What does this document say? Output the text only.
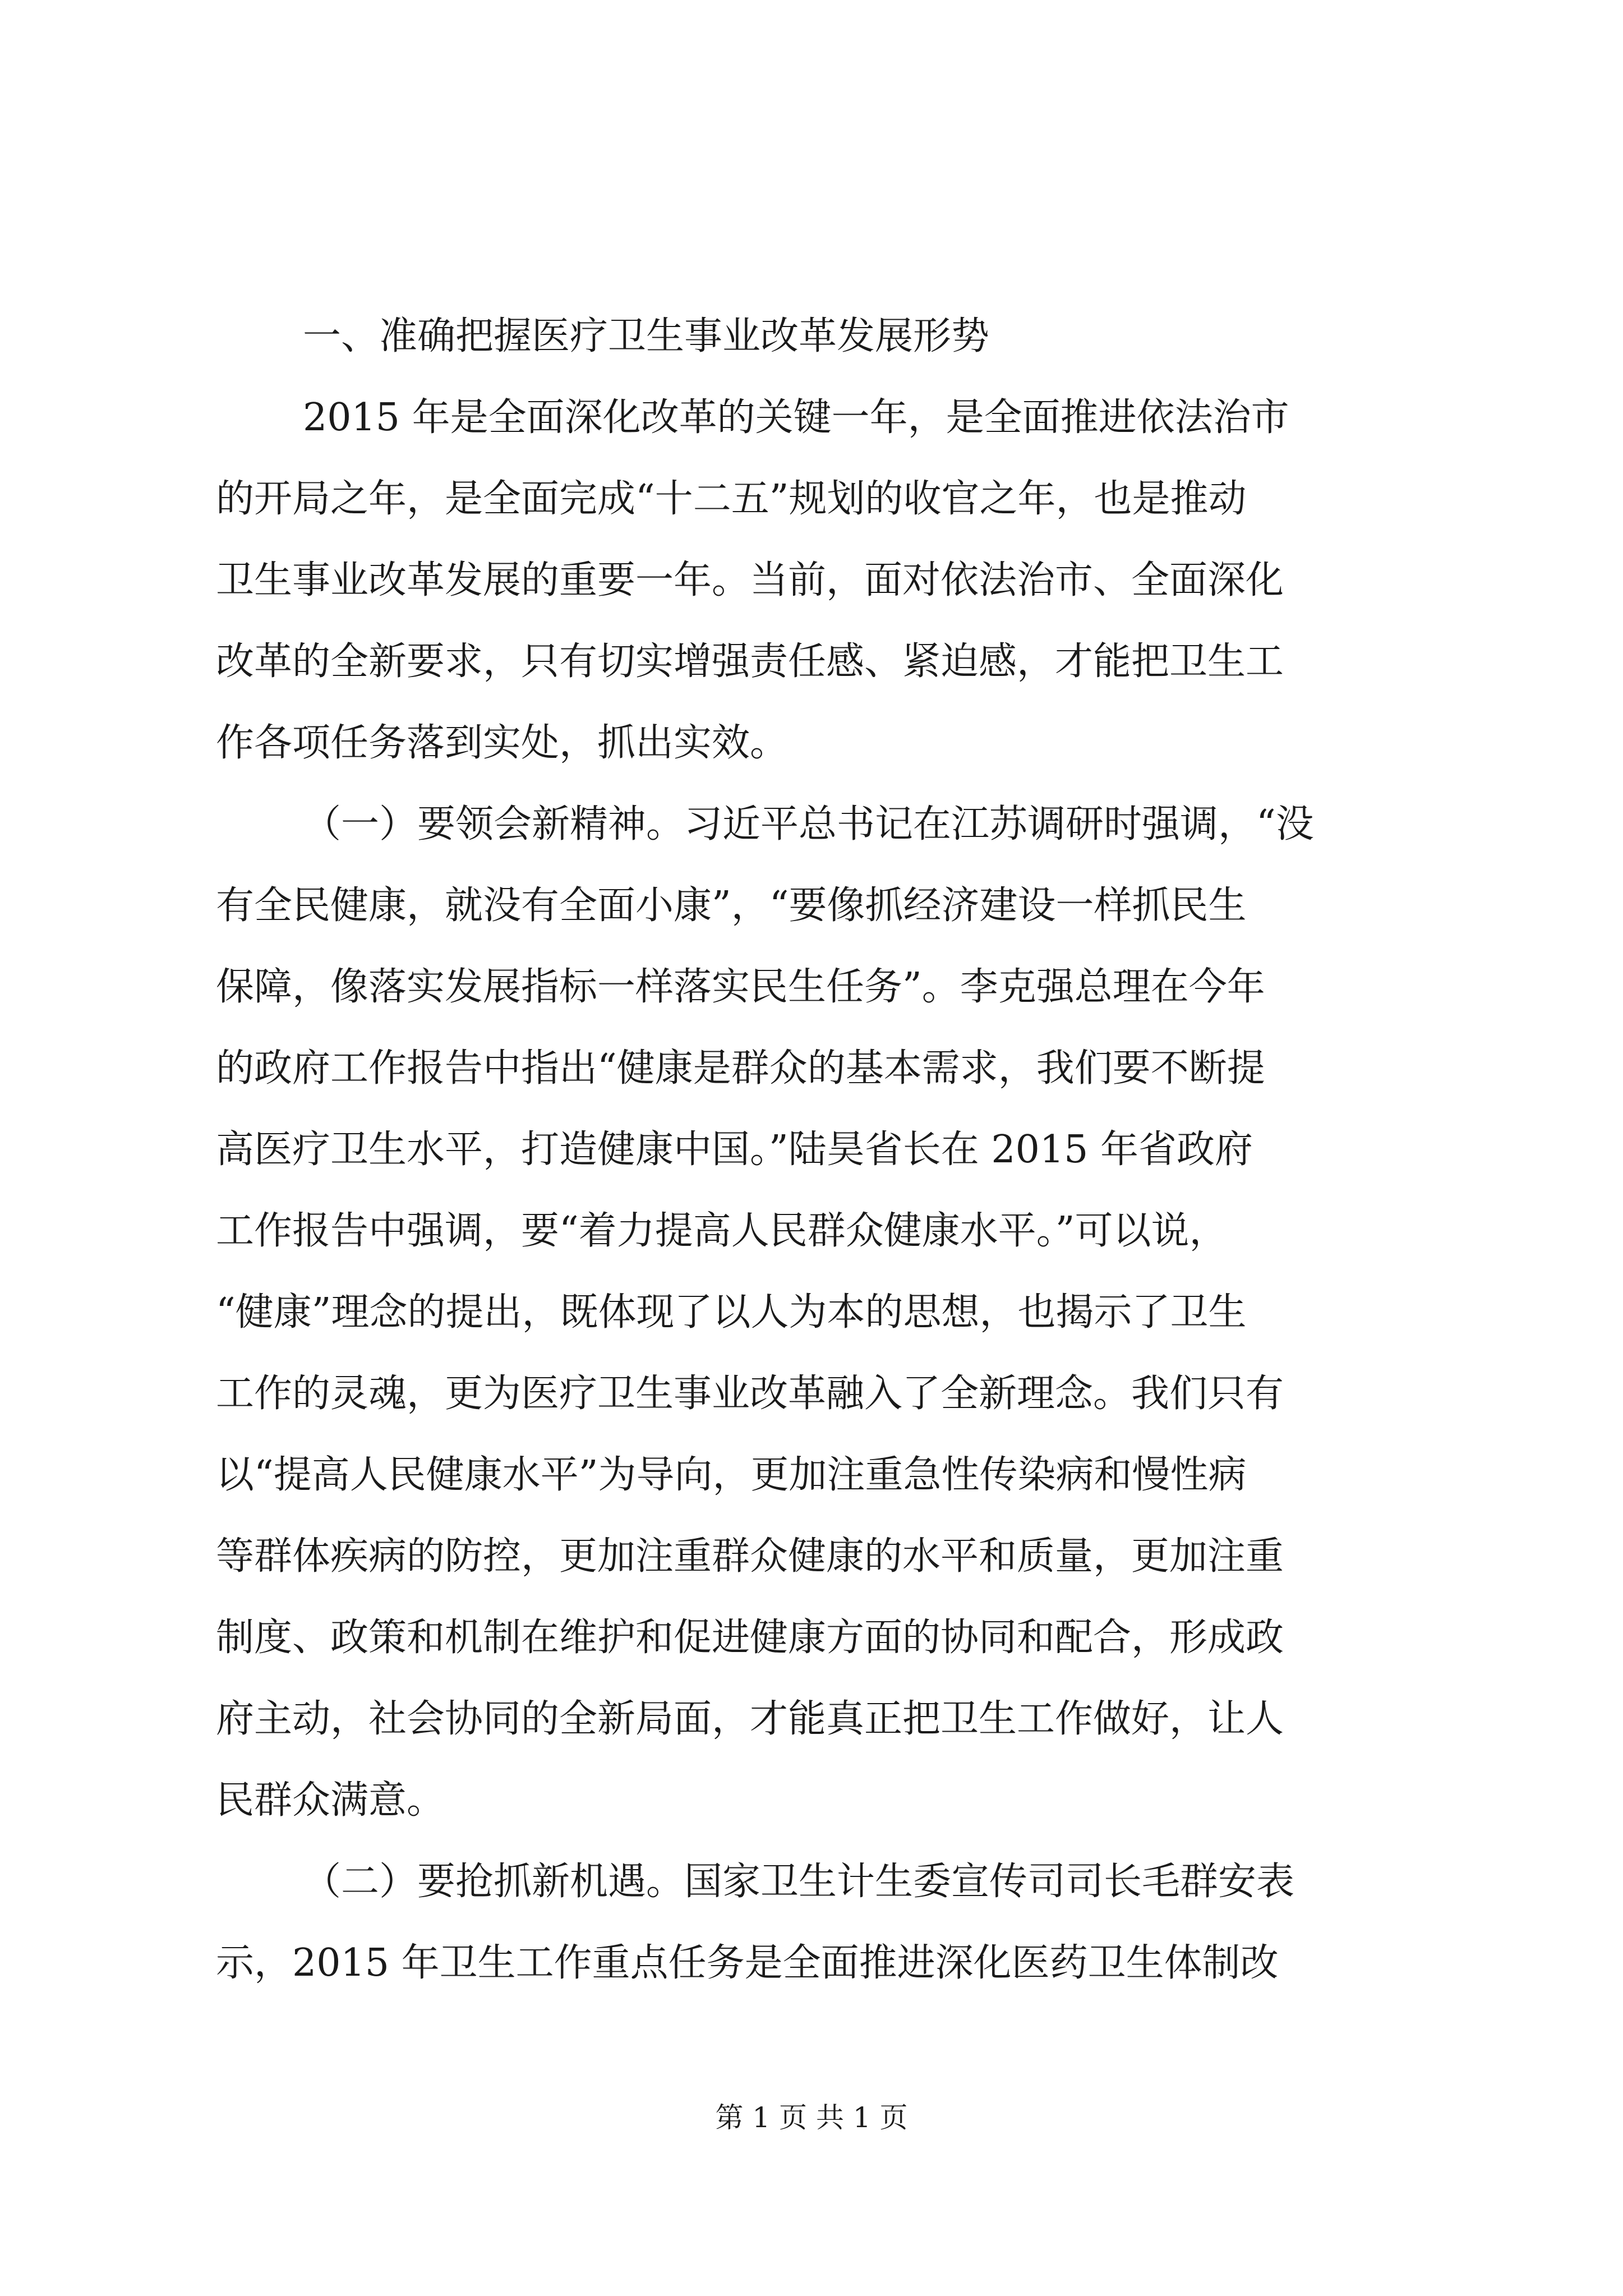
一、准确把握医疗卫生事业改革发展形势
2015 年是全面深化改革的关键一年，是全面推进依法治市
的开局之年，是全面完成“十二五”规划的收官之年，也是推动
卫生事业改革发展的重要一年。当前，面对依法治市、全面深化
改革的全新要求，只有切实增强责任感、紧迫感，才能把卫生工
作各项任务落到实处，抓出实效。
（一）要领会新精神。习近平总书记在江苏调研时强调，“没
有全民健康，就没有全面小康”，“要像抓经济建设一样抓民生
保障，像落实发展指标一样落实民生任务”。李克强总理在今年
的政府工作报告中指出“健康是群众的基本需求，我们要不断提
高医疗卫生水平，打造健康中国。”陆昊省长在 2015 年省政府
工作报告中强调，要“着力提高人民群众健康水平。”可以说，
“健康”理念的提出，既体现了以人为本的思想，也揭示了卫生
工作的灵魂，更为医疗卫生事业改革融入了全新理念。我们只有
以“提高人民健康水平”为导向，更加注重急性传染病和慢性病
等群体疾病的防控，更加注重群众健康的水平和质量，更加注重
制度、政策和机制在维护和促进健康方面的协同和配合，形成政
府主动，社会协同的全新局面，才能真正把卫生工作做好，让人
民群众满意。
（二）要抢抓新机遇。国家卫生计生委宣传司司长毛群安表
示，2015 年卫生工作重点任务是全面推进深化医药卫生体制改
第 1 页 共 1 页
